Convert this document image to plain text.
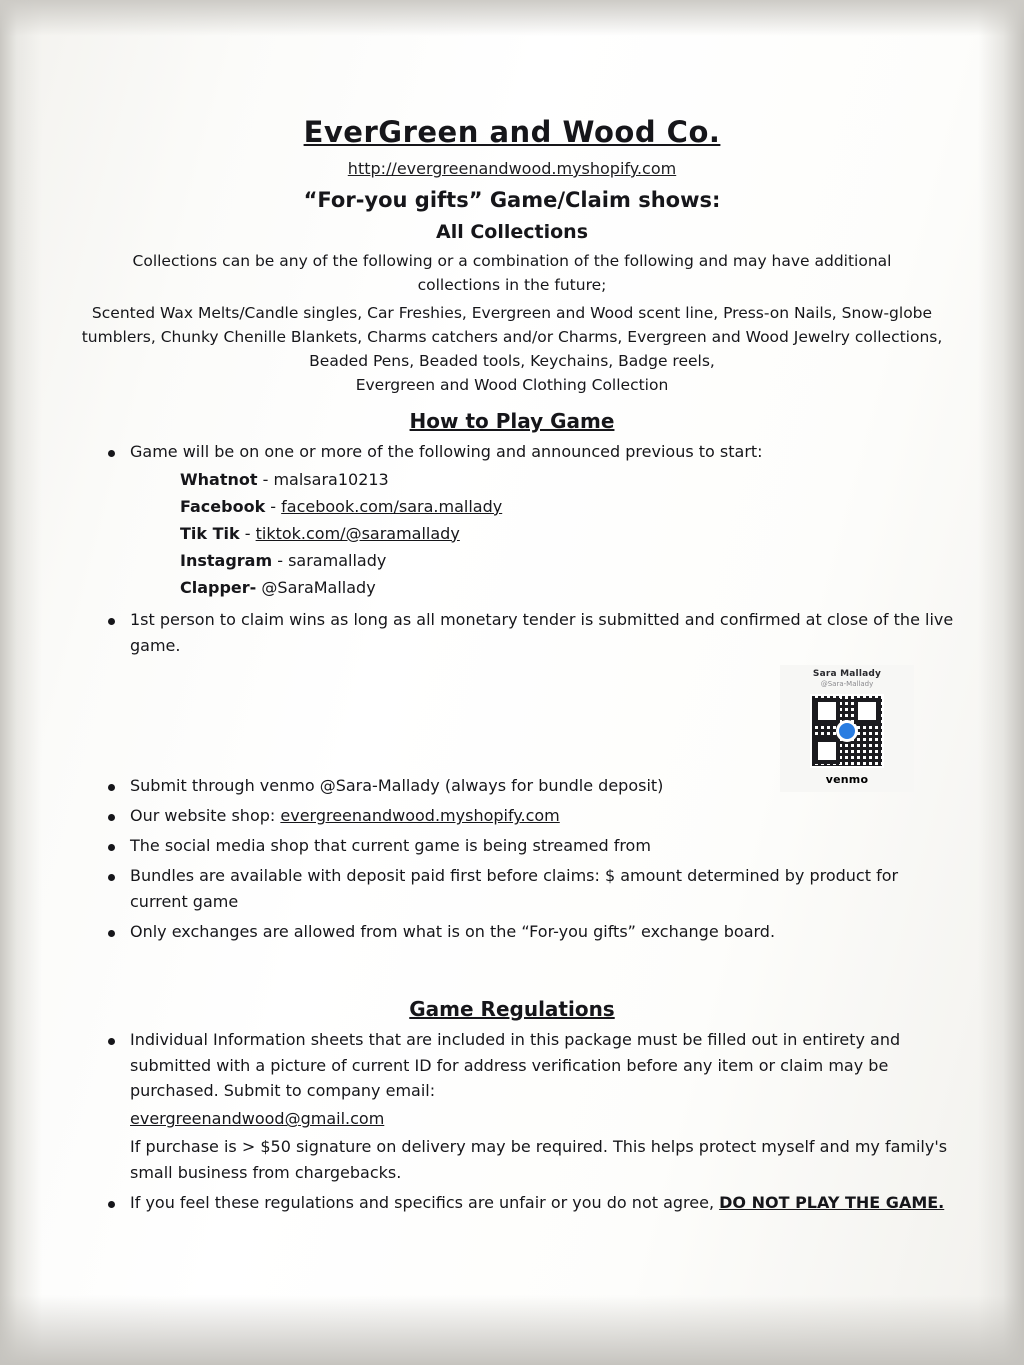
EverGreen and Wood Co.
http://evergreenandwood.myshopify.com
“For-you gifts” Game/Claim shows:
All Collections
Collections can be any of the following or a combination of the following and may have additional collections in the future;
Scented Wax Melts/Candle singles, Car Freshies, Evergreen and Wood scent line, Press-on Nails, Snow-globe
tumblers, Chunky Chenille Blankets, Charms catchers and/or Charms, Evergreen and Wood Jewelry collections,
Beaded Pens, Beaded tools, Keychains, Badge reels,
Evergreen and Wood Clothing Collection
How to Play Game
Game will be on one or more of the following and announced previous to start:
Whatnot - malsara10213
Facebook - facebook.com/sara.mallady
Tik Tik - tiktok.com/@saramallady
Instagram - saramallady
Clapper- @SaraMallady
1st person to claim wins as long as all monetary tender is submitted and confirmed at close of the live game.
Submit through venmo @Sara-Mallady (always for bundle deposit)
Our website shop: evergreenandwood.myshopify.com
The social media shop that current game is being streamed from
Bundles are available with deposit paid first before claims: $ amount determined by product for current game
Only exchanges are allowed from what is on the “For-you gifts” exchange board.
Game Regulations
Individual Information sheets that are included in this package must be filled out in entirety and submitted with a picture of current ID for address verification before any item or claim may be purchased. Submit to company email:
evergreenandwood@gmail.com
If purchase is > $50 signature on delivery may be required. This helps protect myself and my family's small business from chargebacks.
If you feel these regulations and specifics are unfair or you do not agree, DO NOT PLAY THE GAME.
Sara Mallady
@Sara-Mallady
venmo
